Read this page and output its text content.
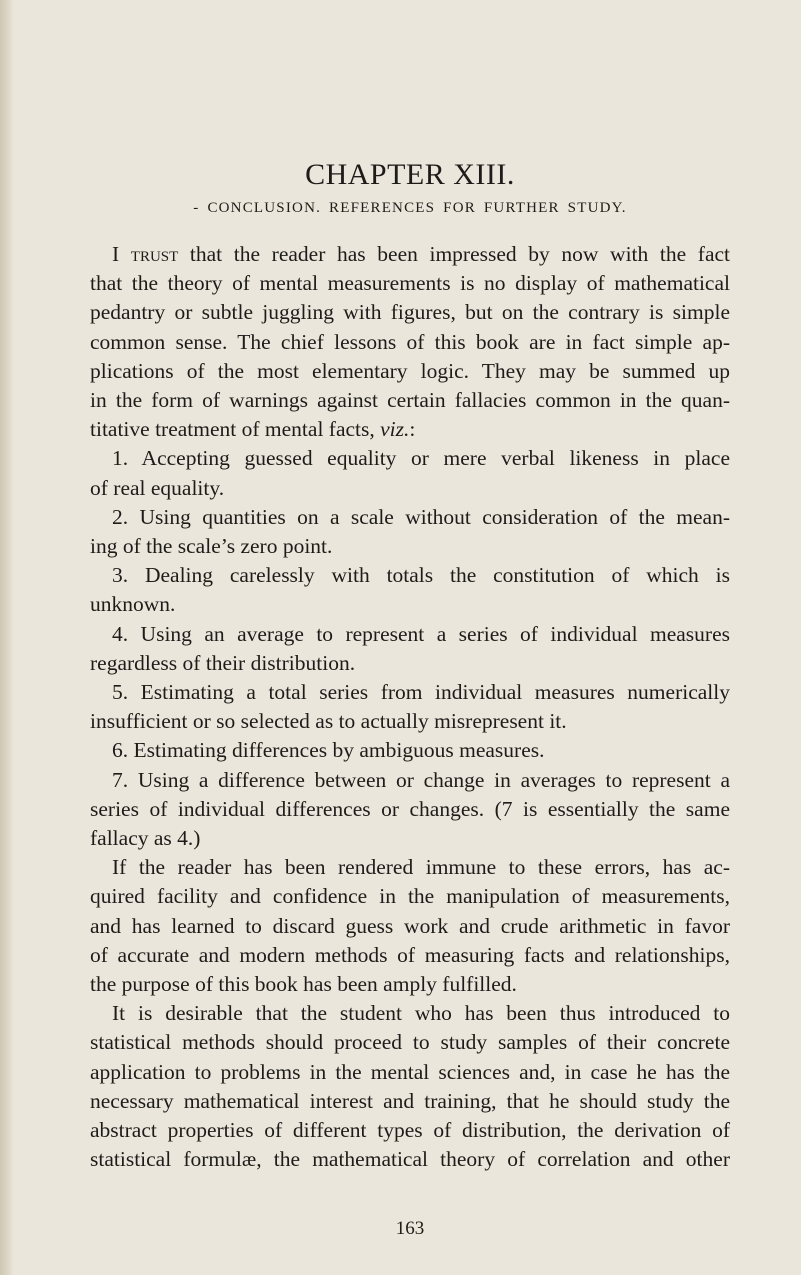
CHAPTER XIII.
- CONCLUSION. REFERENCES FOR FURTHER STUDY.
I trust that the reader has been impressed by now with the fact
that the theory of mental measurements is no display of mathematical
pedantry or subtle juggling with figures, but on the contrary is simple
common sense. The chief lessons of this book are in fact simple ap-
plications of the most elementary logic. They may be summed up
in the form of warnings against certain fallacies common in the quan-
titative treatment of mental facts, viz.:
1. Accepting guessed equality or mere verbal likeness in place
of real equality.
2. Using quantities on a scale without consideration of the mean-
ing of the scale’s zero point.
3. Dealing carelessly with totals the constitution of which is
unknown.
4. Using an average to represent a series of individual measures
regardless of their distribution.
5. Estimating a total series from individual measures numerically
insufficient or so selected as to actually misrepresent it.
6. Estimating differences by ambiguous measures.
7. Using a difference between or change in averages to represent a
series of individual differences or changes. (7 is essentially the same
fallacy as 4.)
If the reader has been rendered immune to these errors, has ac-
quired facility and confidence in the manipulation of measurements,
and has learned to discard guess work and crude arithmetic in favor
of accurate and modern methods of measuring facts and relationships,
the purpose of this book has been amply fulfilled.
It is desirable that the student who has been thus introduced to
statistical methods should proceed to study samples of their concrete
application to problems in the mental sciences and, in case he has the
necessary mathematical interest and training, that he should study the
abstract properties of different types of distribution, the derivation of
statistical formulæ, the mathematical theory of correlation and other
163
